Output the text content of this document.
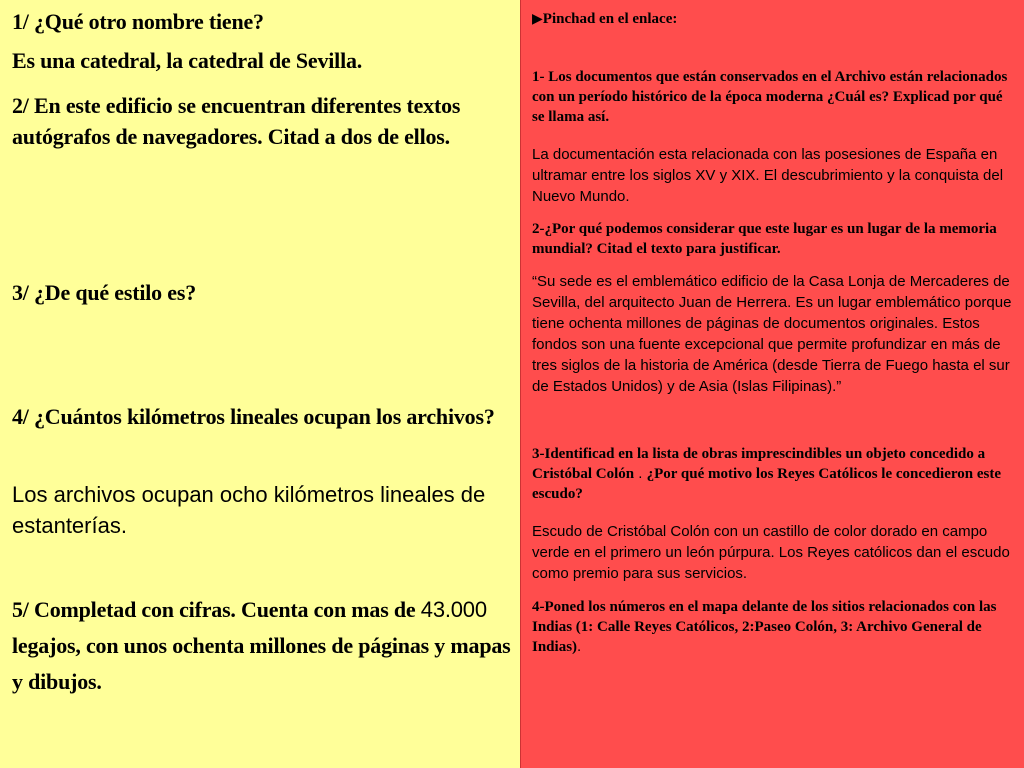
1/ ¿Qué otro nombre tiene?
Es una catedral, la catedral de Sevilla.
2/ En este edificio se encuentran diferentes textos autógrafos de navegadores. Citad a dos de ellos.
3/ ¿De qué estilo es?
4/ ¿Cuántos kilómetros lineales ocupan los archivos?
Los archivos ocupan ocho kilómetros lineales de estanterías.
5/ Completad con cifras. Cuenta con mas de 43.000 legajos, con unos ochenta millones de páginas y mapas y dibujos.
▶Pinchad en el enlace:
1- Los documentos que están conservados en el Archivo están relacionados con un período histórico de la época moderna ¿Cuál es? Explicad por qué se llama así.
La documentación esta relacionada con las posesiones de España en ultramar entre los siglos XV y XIX. El descubrimiento y la conquista del Nuevo Mundo.
2-¿Por qué podemos considerar que este lugar es un lugar de la memoria mundial? Citad el texto para justificar.
“Su sede es el emblemático edificio de la Casa Lonja de Mercaderes de Sevilla, del arquitecto Juan de Herrera. Es un lugar emblemático porque tiene ochenta millones de páginas de documentos originales. Estos fondos son una fuente excepcional que permite profundizar en más de tres siglos de la historia de América (desde Tierra de Fuego hasta el sur de Estados Unidos) y de Asia (Islas Filipinas).”
3-Identificad en la lista de obras imprescindibles un objeto concedido a Cristóbal Colón . ¿Por qué motivo los Reyes Católicos le concedieron este escudo?
Escudo de Cristóbal Colón con un castillo de color dorado en campo verde en el primero un león púrpura. Los Reyes católicos dan el escudo como premio para sus servicios.
4-Poned los números en el mapa delante de los sitios relacionados con las Indias (1: Calle Reyes Católicos, 2:Paseo Colón, 3: Archivo General de Indias).
